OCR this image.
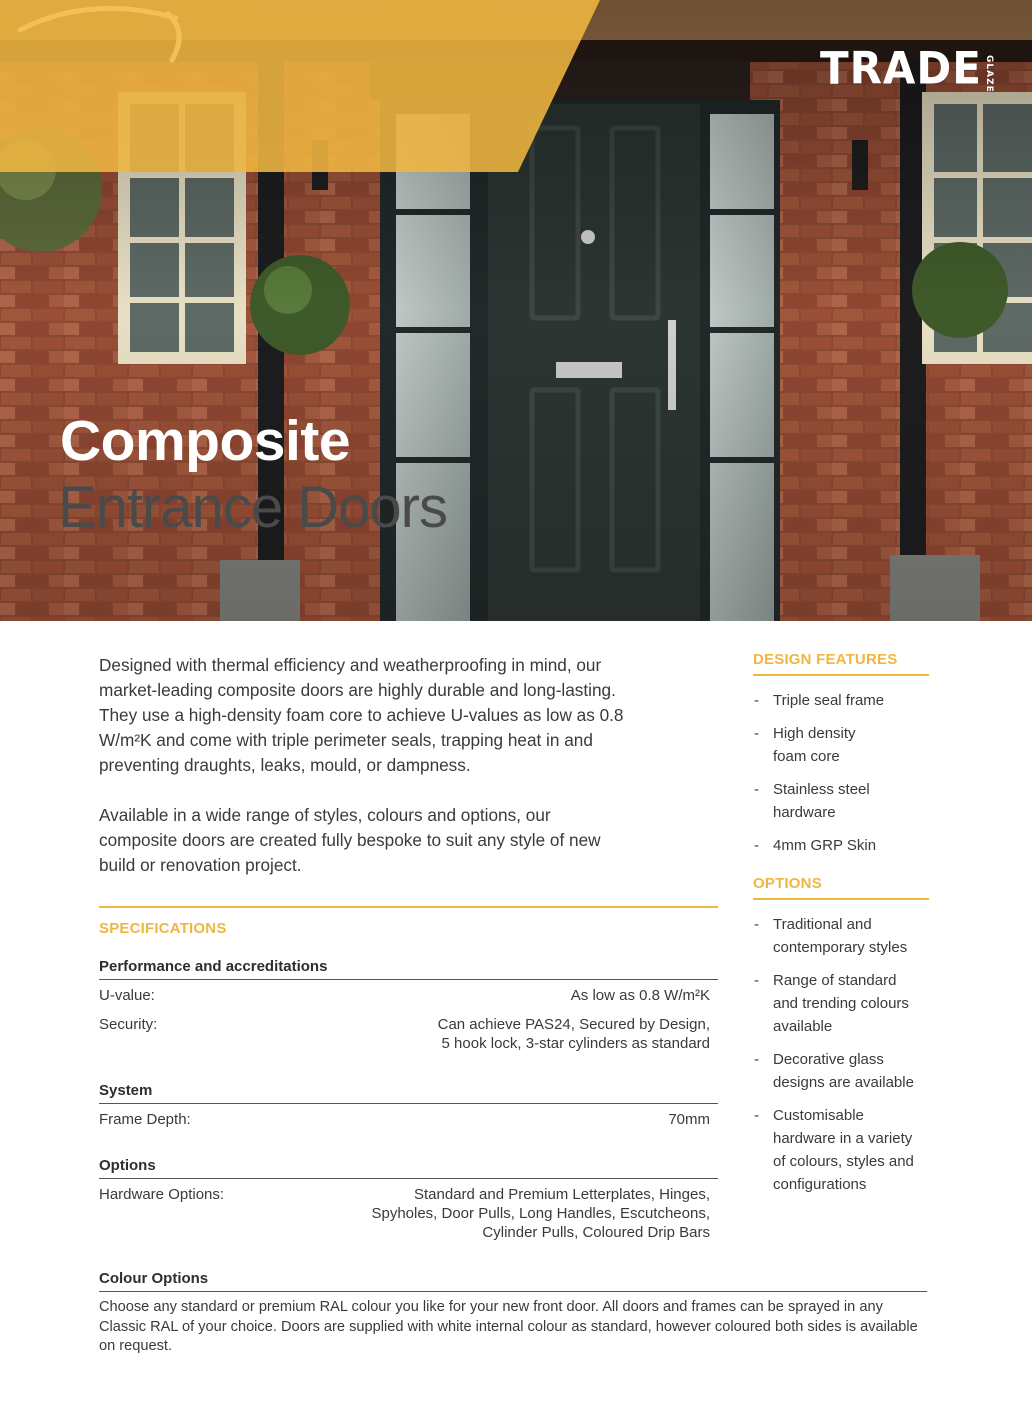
TRADE GLAZE
Composite
Entrance Doors

Designed with thermal efficiency and weatherproofing in mind, our market-leading composite doors are highly durable and long-lasting. They use a high-density foam core to achieve U-values as low as 0.8 W/m²K and come with triple perimeter seals, trapping heat in and preventing draughts, leaks, mould, or dampness.

Available in a wide range of styles, colours and options, our composite doors are created fully bespoke to suit any style of new build or renovation project.

SPECIFICATIONS
Performance and accreditations
U-value:	As low as 0.8 W/m²K
Security:	Can achieve PAS24, Secured by Design,
5 hook lock, 3-star cylinders as standard
System
Frame Depth:	70mm
Options
Hardware Options:	Standard and Premium Letterplates, Hinges,
Spyholes, Door Pulls, Long Handles, Escutcheons,
Cylinder Pulls, Coloured Drip Bars
Colour Options
Choose any standard or premium RAL colour you like for your new front door. All doors and frames can be sprayed in any Classic RAL of your choice. Doors are supplied with white internal colour as standard, however coloured both sides is available on request.
DESIGN FEATURES
- Triple seal frame
- High density foam core
- Stainless steel hardware
- 4mm GRP Skin
OPTIONS
- Traditional and contemporary styles
- Range of standard and trending colours available
- Decorative glass designs are available
- Customisable hardware in a variety of colours, styles and configurations
